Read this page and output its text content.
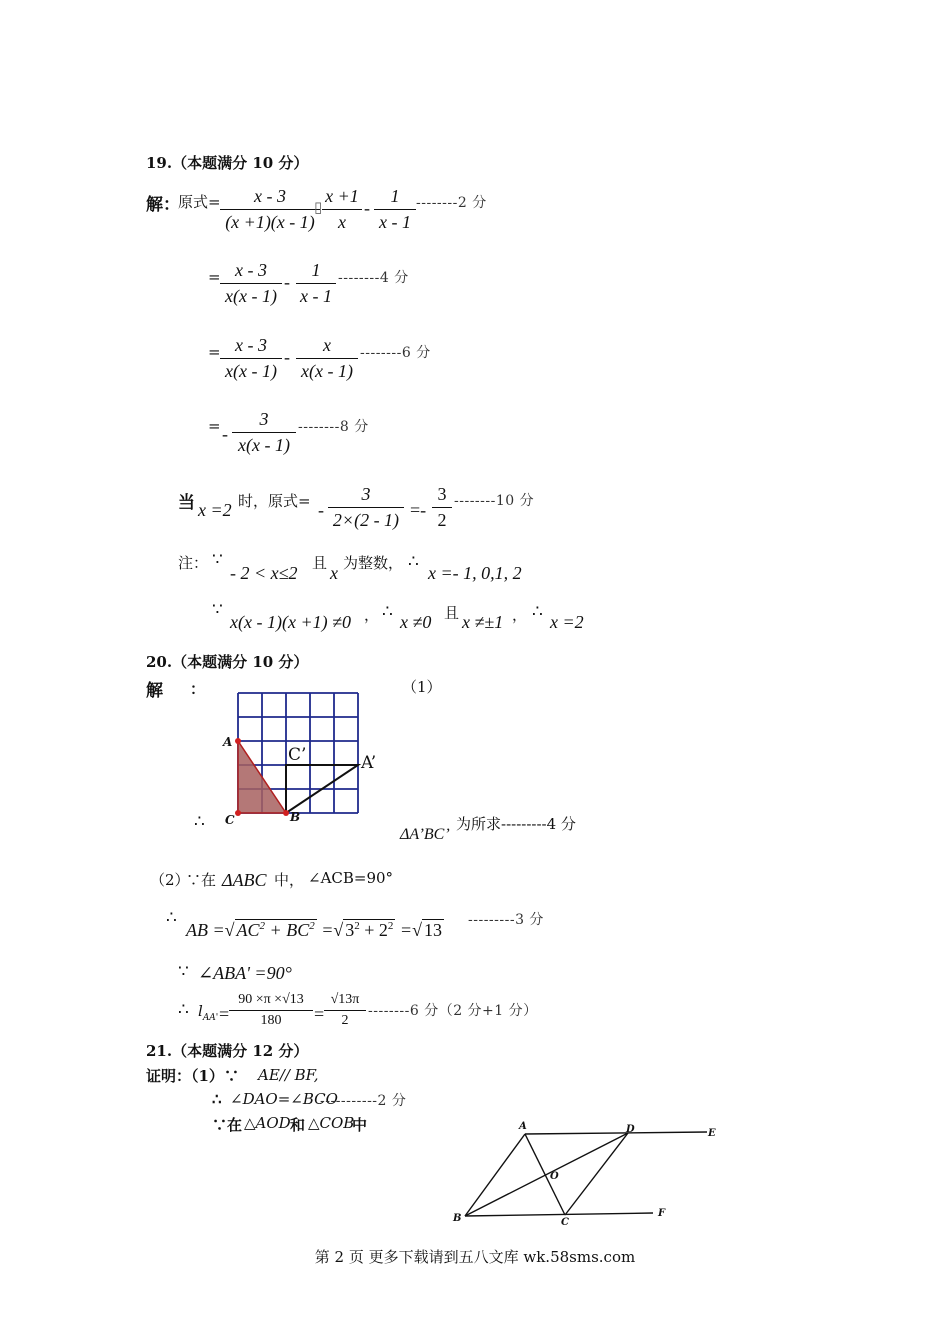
19.（本题满分 10 分）
解：
原式=	x - 3
(x +1)(x - 1)
▯
x +1
x
-
1
x - 1
--------2 分
= x - 3
x(x - 1)
-
1
x - 1
--------4 分
= x - 3
x(x - 1)
-
x
x(x - 1)
--------6 分
= -
3
x(x - 1)
--------8 分
当 x =2 时，原式= -
3
2×(2 - 1) =-
3
2
--------10 分
注： ∵
- 2 < x≤2 且 x 为整数， ∴
x =- 1, 0,1, 2
∵
x(x - 1)(x +1) ≠0 ， ∴ x ≠0 且 x ≠±1 ， ∴ x =2
20.（本题满分 10 分）
解 ：	（1）
A
C	B
C’	A’
∴
ΔA’BC’
为所求---------4 分
（2）
∵在 ΔABC 中， ∠ACB=90°
∴
AB =√ $AC^2 + BC^2$ =√ $3^2 + 2^2$ =√ 13 ---------3 分
∵ ∠ABA' =90°
∴ $l_{AA'}$ =
90 ×π ×√13
180	=
√13π
2
--------6 分（2 分+1 分）
21.（本题满分 12 分）
证明：（1）∵ AE// BF,
∴ ∠DAO=∠BCO
-----------2 分
∵在 △AOD 和 △COB
中	A	D	E
O
B	C
F
第 2 页 更多下载请到五八文库 wk.58sms.com
